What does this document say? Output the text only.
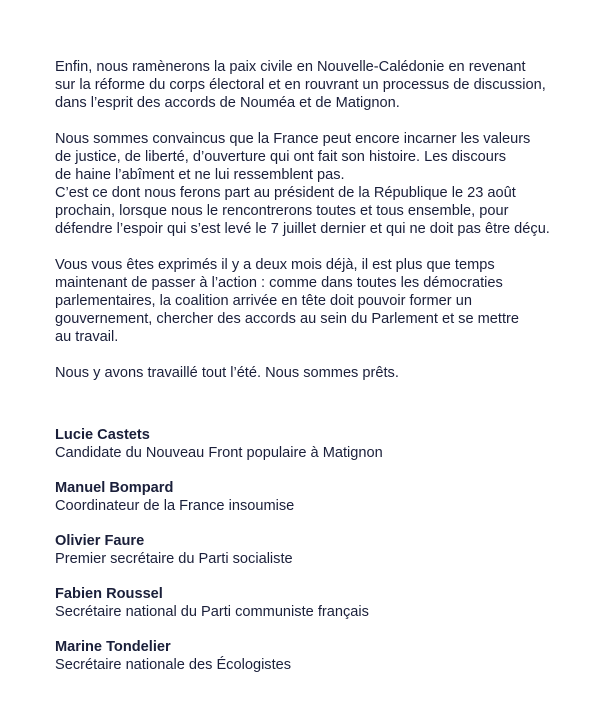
Enfin, nous ramènerons la paix civile en Nouvelle-Calédonie en revenant
sur la réforme du corps électoral et en rouvrant un processus de discussion,
dans l’esprit des accords de Nouméa et de Matignon.

Nous sommes convaincus que la France peut encore incarner les valeurs
de justice, de liberté, d’ouverture qui ont fait son histoire. Les discours
de haine l’abîment et ne lui ressemblent pas.
C’est ce dont nous ferons part au président de la République le 23 août
prochain, lorsque nous le rencontrerons toutes et tous ensemble, pour
défendre l’espoir qui s’est levé le 7 juillet dernier et qui ne doit pas être déçu.

Vous vous êtes exprimés il y a deux mois déjà, il est plus que temps
maintenant de passer à l’action : comme dans toutes les démocraties
parlementaires, la coalition arrivée en tête doit pouvoir former un
gouvernement, chercher des accords au sein du Parlement et se mettre
au travail.

Nous y avons travaillé tout l’été. Nous sommes prêts.

Lucie Castets
Candidate du Nouveau Front populaire à Matignon
Manuel Bompard
Coordinateur de la France insoumise
Olivier Faure
Premier secrétaire du Parti socialiste
Fabien Roussel
Secrétaire national du Parti communiste français
Marine Tondelier
Secrétaire nationale des Écologistes
